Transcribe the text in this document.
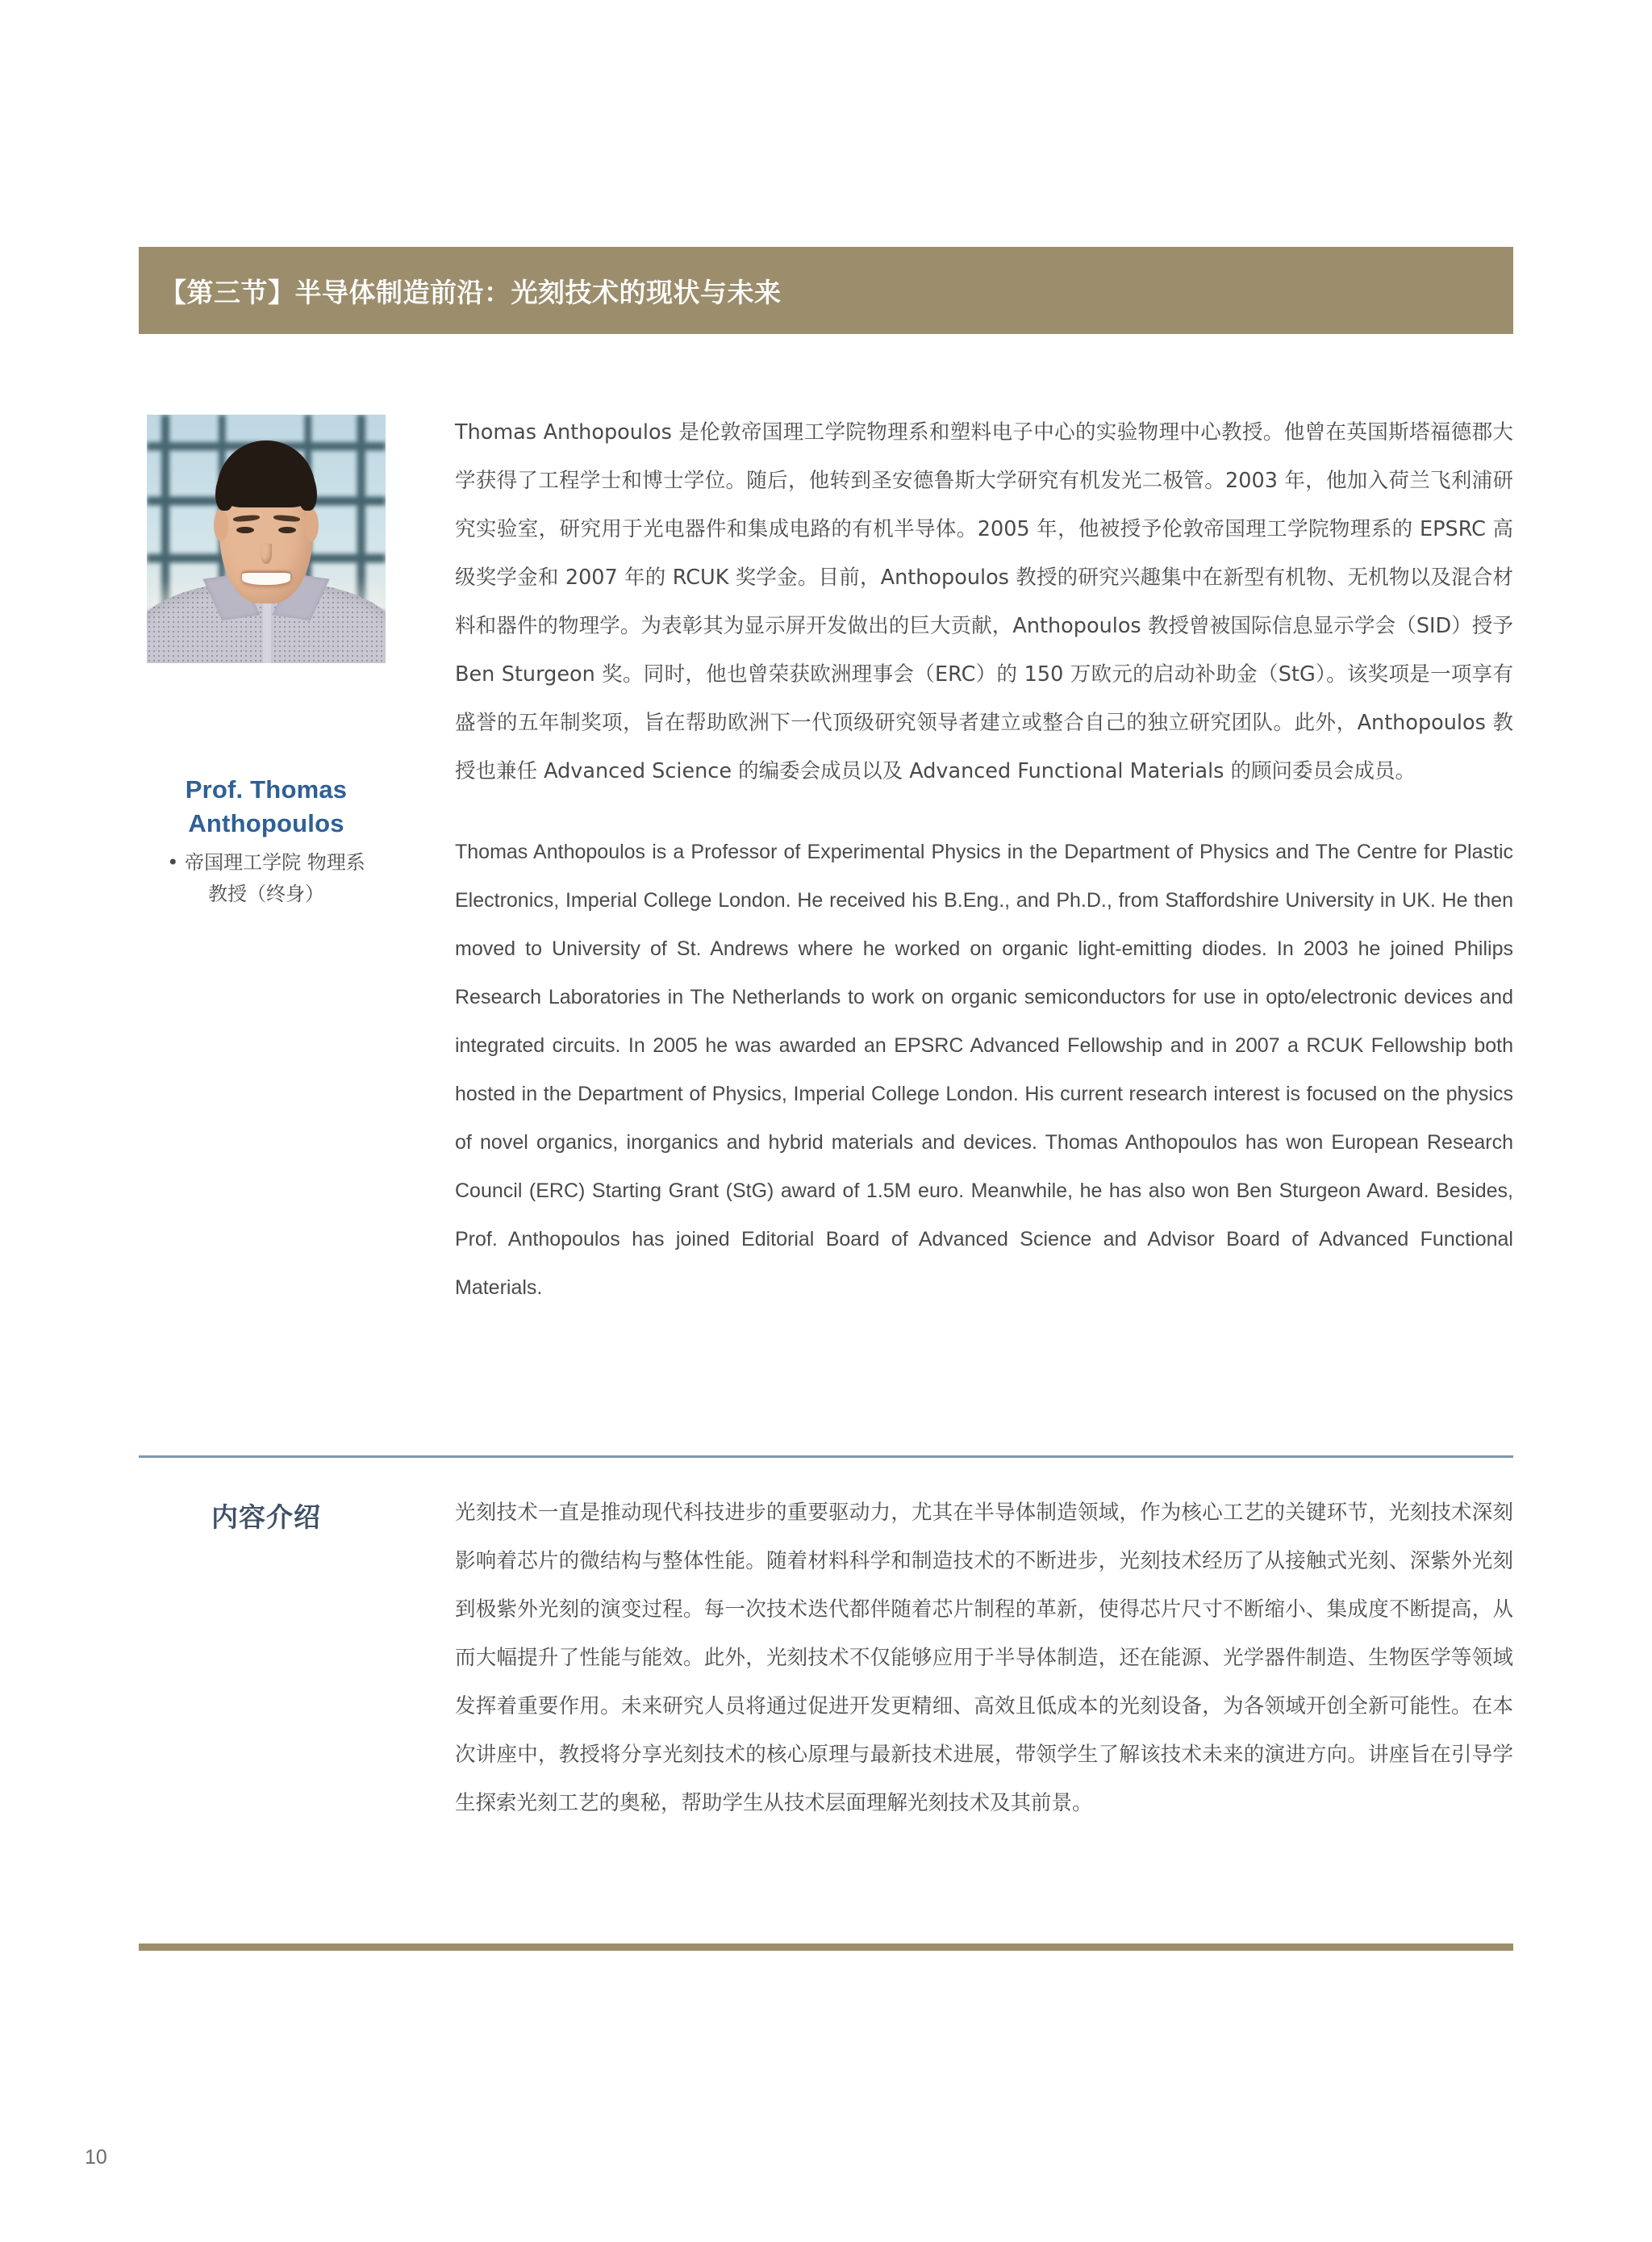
【第三节】半导体制造前沿：光刻技术的现状与未来
Prof. Thomas Anthopoulos
• 帝国理工学院 物理系
教授（终身）
Thomas Anthopoulos 是伦敦帝国理工学院物理系和塑料电子中心的实验物理中心教授。他曾在英国斯塔福德郡大学获得了工程学士和博士学位。随后，他转到圣安德鲁斯大学研究有机发光二极管。2003 年，他加入荷兰飞利浦研究实验室，研究用于光电器件和集成电路的有机半导体。2005 年，他被授予伦敦帝国理工学院物理系的 EPSRC 高级奖学金和 2007 年的 RCUK 奖学金。目前，Anthopoulos 教授的研究兴趣集中在新型有机物、无机物以及混合材料和器件的物理学。为表彰其为显示屏开发做出的巨大贡献，Anthopoulos 教授曾被国际信息显示学会（SID）授予 Ben Sturgeon 奖。同时，他也曾荣获欧洲理事会（ERC）的 150 万欧元的启动补助金（StG）。该奖项是一项享有盛誉的五年制奖项，旨在帮助欧洲下一代顶级研究领导者建立或整合自己的独立研究团队。此外，Anthopoulos 教授也兼任 Advanced Science 的编委会成员以及 Advanced Functional Materials 的顾问委员会成员。
Thomas Anthopoulos is a Professor of Experimental Physics in the Department of Physics and The Centre for Plastic Electronics, Imperial College London. He received his B.Eng., and Ph.D., from Staffordshire University in UK. He then moved to University of St. Andrews where he worked on organic light-emitting diodes. In 2003 he joined Philips Research Laboratories in The Netherlands to work on organic semiconductors for use in opto/electronic devices and integrated circuits. In 2005 he was awarded an EPSRC Advanced Fellowship and in 2007 a RCUK Fellowship both hosted in the Department of Physics, Imperial College London. His current research interest is focused on the physics of novel organics, inorganics and hybrid materials and devices. Thomas Anthopoulos has won European Research Council (ERC) Starting Grant (StG) award of 1.5M euro. Meanwhile, he has also won Ben Sturgeon Award. Besides, Prof. Anthopoulos has joined Editorial Board of Advanced Science and Advisor Board of Advanced Functional Materials.
内容介绍	光刻技术一直是推动现代科技进步的重要驱动力，尤其在半导体制造领域，作为核心工艺的关键环节，光刻技术深刻影响着芯片的微结构与整体性能。随着材料科学和制造技术的不断进步，光刻技术经历了从接触式光刻、深紫外光刻到极紫外光刻的演变过程。每一次技术迭代都伴随着芯片制程的革新，使得芯片尺寸不断缩小、集成度不断提高，从而大幅提升了性能与能效。此外，光刻技术不仅能够应用于半导体制造，还在能源、光学器件制造、生物医学等领域发挥着重要作用。未来研究人员将通过促进开发更精细、高效且低成本的光刻设备，为各领域开创全新可能性。在本次讲座中，教授将分享光刻技术的核心原理与最新技术进展，带领学生了解该技术未来的演进方向。讲座旨在引导学生探索光刻工艺的奥秘，帮助学生从技术层面理解光刻技术及其前景。
10
